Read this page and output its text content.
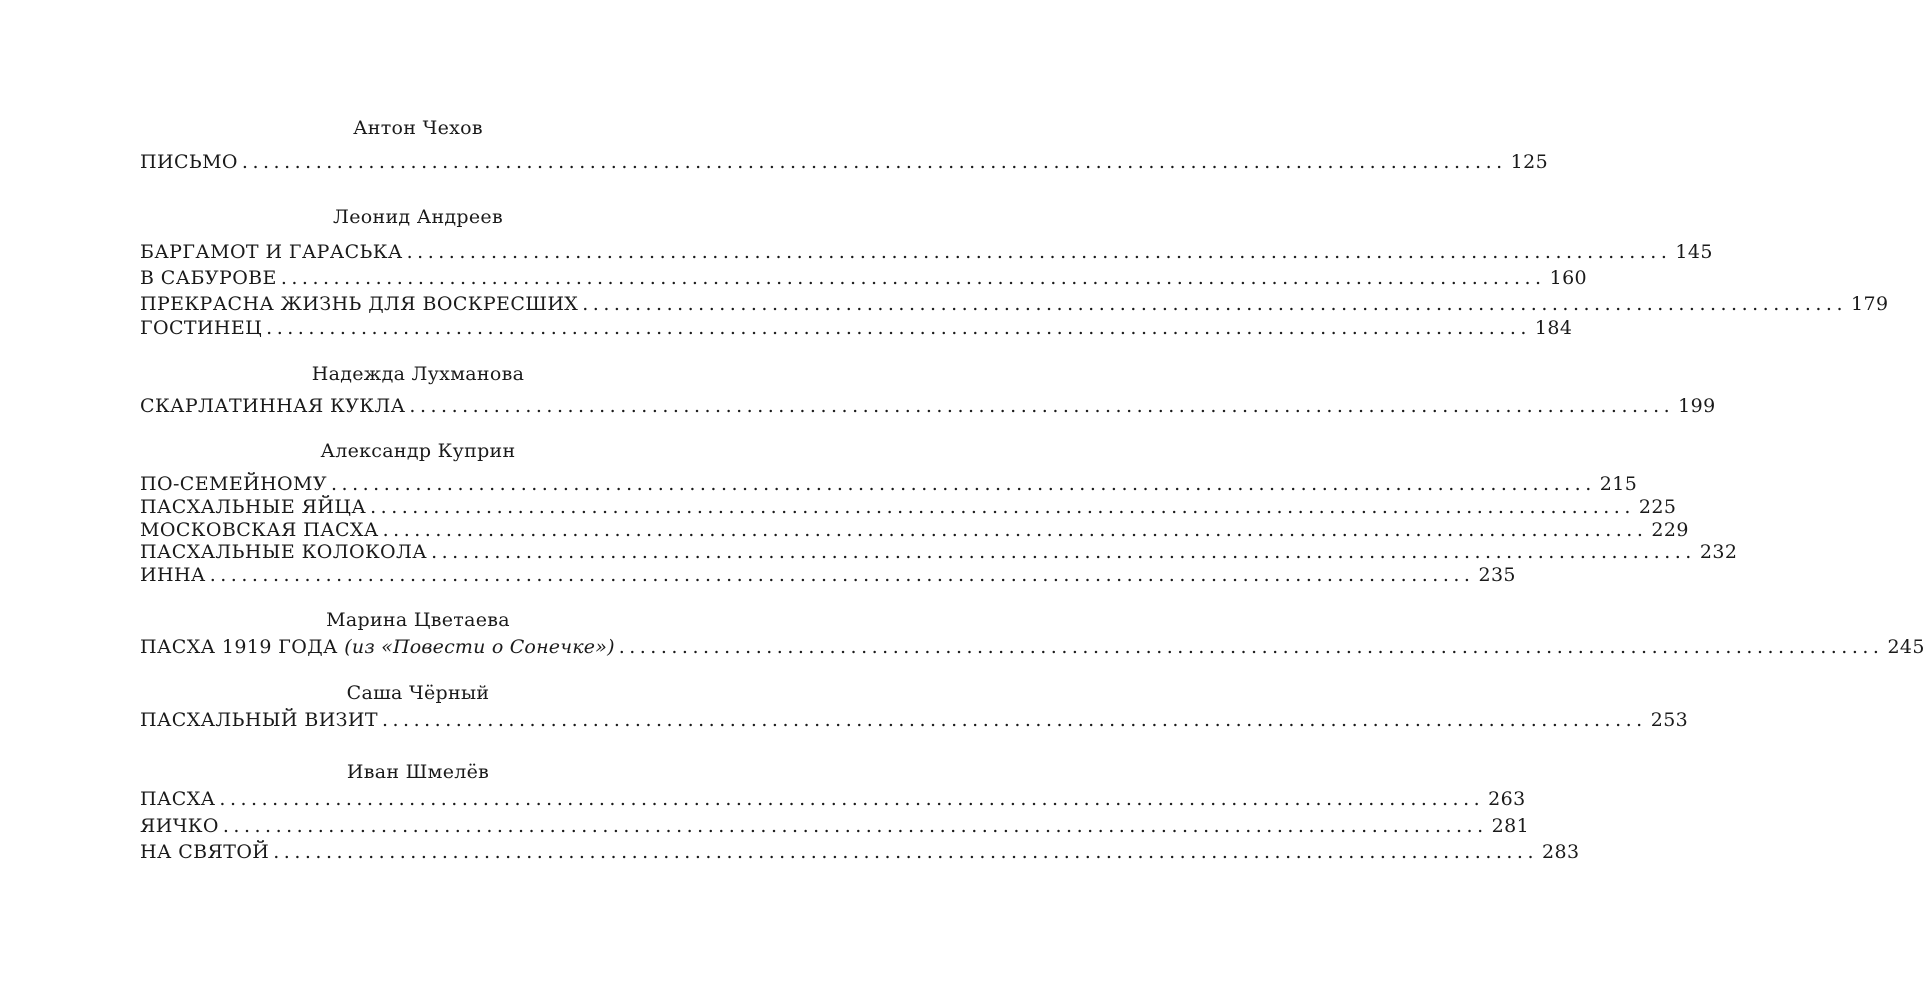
Антон Чехов
ПИСЬМО ........................................................................................................................ 125
Леонид Андреев
БАРГАМОТ И ГАРАСЬКА ........................................................................................................................ 145
В САБУРОВЕ ........................................................................................................................ 160
ПРЕКРАСНА ЖИЗНЬ ДЛЯ ВОСКРЕСШИХ ........................................................................................................................ 179
ГОСТИНЕЦ ........................................................................................................................ 184
Надежда Лухманова
СКАРЛАТИННАЯ КУКЛА ........................................................................................................................ 199
Александр Куприн
ПО-СЕМЕЙНОМУ ........................................................................................................................ 215
ПАСХАЛЬНЫЕ ЯЙЦА ........................................................................................................................ 225
МОСКОВСКАЯ ПАСХА ........................................................................................................................ 229
ПАСХАЛЬНЫЕ КОЛОКОЛА ........................................................................................................................ 232
ИННА ........................................................................................................................ 235
Марина Цветаева
ПАСХА 1919 ГОДА (из «Повести о Сонечке») ........................................................................................................................ 245
Саша Чёрный
ПАСХАЛЬНЫЙ ВИЗИТ ........................................................................................................................ 253
Иван Шмелёв
ПАСХА ........................................................................................................................ 263
ЯИЧКО ........................................................................................................................ 281
НА СВЯТОЙ ........................................................................................................................ 283
